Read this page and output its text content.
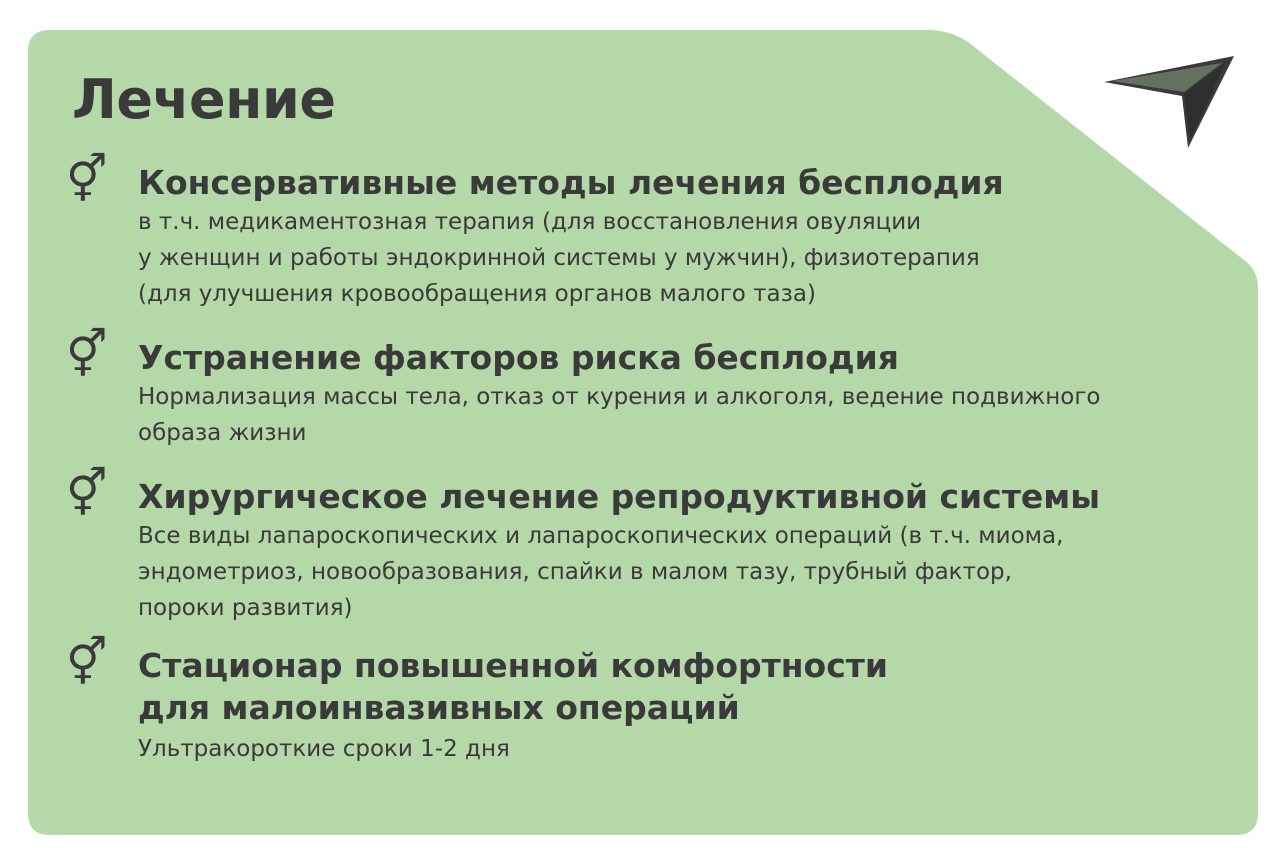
Лечение
⚥ Консервативные методы лечения бесплодия
в т.ч. медикаментозная терапия (для восстановления овуляции
у женщин и работы эндокринной системы у мужчин), физиотерапия
(для улучшения кровообращения органов малого таза)
⚥ Устранение факторов риска бесплодия
Нормализация массы тела, отказ от курения и алкоголя, ведение подвижного
образа жизни
⚥ Хирургическое лечение репродуктивной системы
Все виды лапароскопических и лапароскопических операций (в т.ч. миома,
эндометриоз, новообразования, спайки в малом тазу, трубный фактор,
пороки развития)
⚥ Стационар повышенной комфортности
для малоинвазивных операций
Ультракороткие сроки 1-2 дня
